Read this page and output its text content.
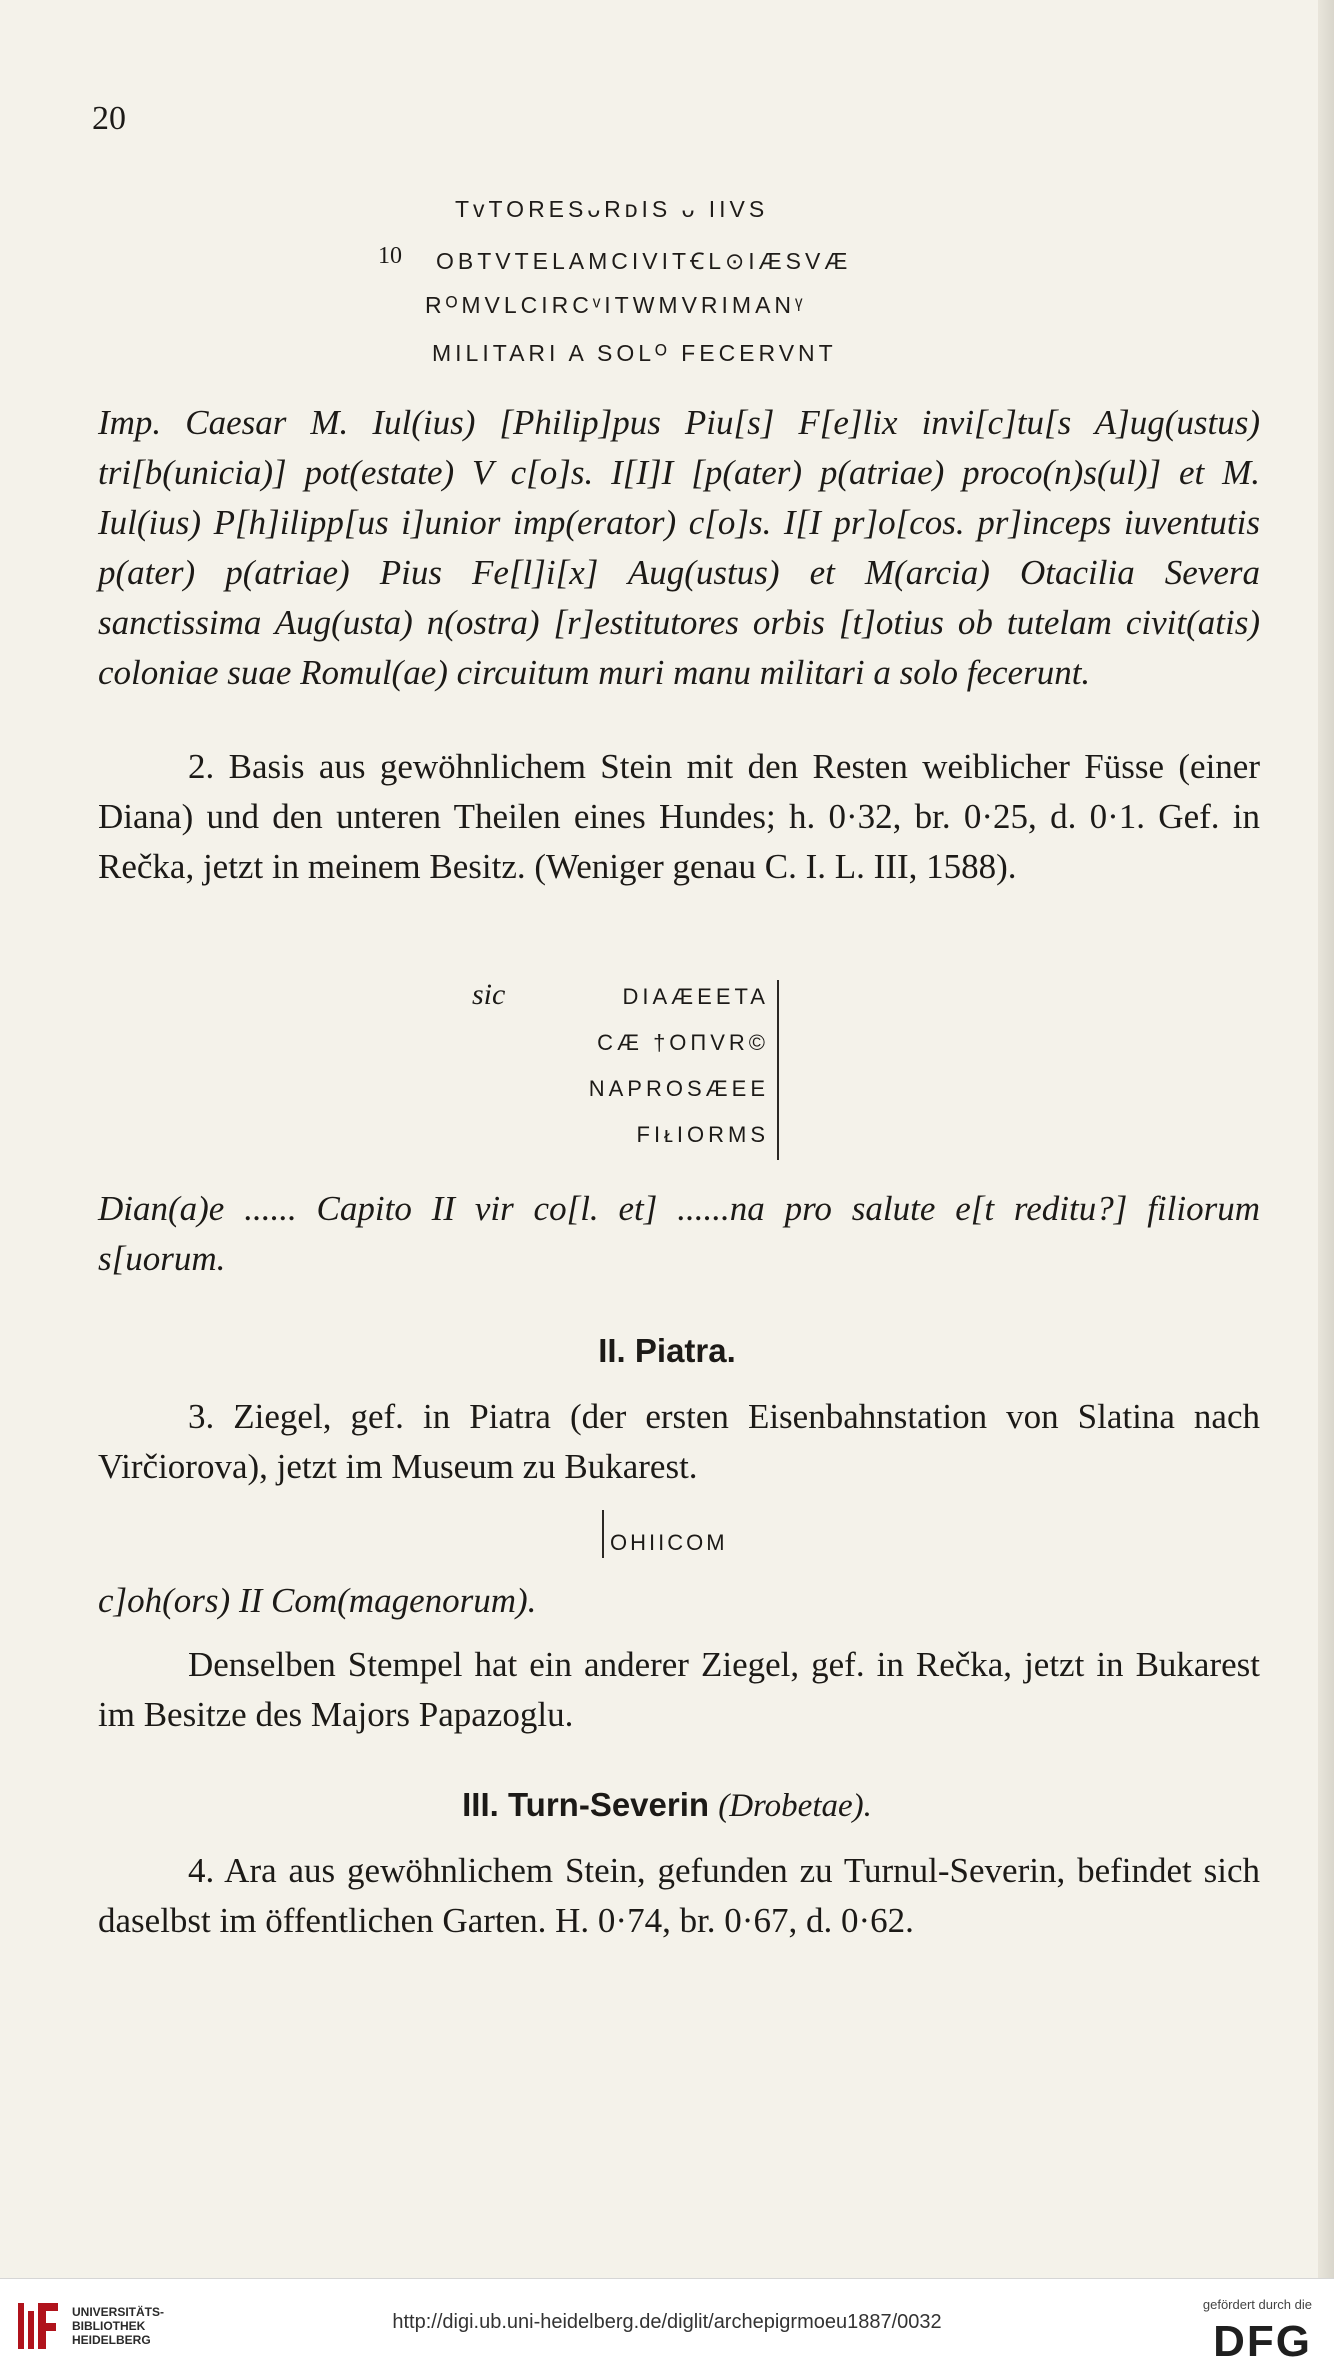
20

TvTORESᴗRᴅIS ᴗ IIVS
10 OBTVTELAMCIVITꞒL⊙IÆSVÆ
RᴼMVLCIRCᵛITWMVRIMANᵞ
MILITARI A SOLᴼ FECERVNT
Imp. Caesar M. Iul(ius) [Philip]pus Piu[s] F[e]lix invi[c]tu[s A]ug(ustus) tri[b(unicia)] pot(estate) V c[o]s. I[I]I [p(ater) p(atriae) proco(n)s(ul)] et M. Iul(ius) P[h]ilipp[us i]unior imp(erator) c[o]s. I[I pr]o[cos. pr]inceps iuventutis p(ater) p(atriae) Pius Fe[l]i[x] Aug(ustus) et M(arcia) Otacilia Severa sanctissima Aug(usta) n(ostra) [r]estitutores orbis [t]otius ob tutelam civit(atis) coloniae suae Romul(ae) circuitum muri manu militari a solo fecerunt.
2. Basis aus gewöhnlichem Stein mit den Resten weiblicher Füsse (einer Diana) und den unteren Theilen eines Hundes; h. 0·32, br. 0·25, d. 0·1. Gef. in Rečka, jetzt in meinem Besitz. (Weniger genau C. I. L. III, 1588).
sic	DIAÆEETA
CÆ †OПVR©
NAPROSÆEE
FIᴌIORMS
Dian(a)e ...... Capito II vir co[l. et] ......na pro salute e[t reditu?] filiorum s[uorum.
II. Piatra.
3. Ziegel, gef. in Piatra (der ersten Eisenbahnstation von Slatina nach Virčiorova), jetzt im Museum zu Bukarest.
OHIICOM
c]oh(ors) II Com(magenorum).
Denselben Stempel hat ein anderer Ziegel, gef. in Rečka, jetzt in Bukarest im Besitze des Majors Papazoglu.
III. Turn-Severin (Drobetae).
4. Ara aus gewöhnlichem Stein, gefunden zu Turnul-Severin, befindet sich daselbst im öffentlichen Garten. H. 0·74, br. 0·67, d. 0·62.
UNIVERSITÄTS-
BIBLIOTHEK
HEIDELBERG
http://digi.ub.uni-heidelberg.de/diglit/archepigrmoeu1887/0032
gefördert durch die
DFG
